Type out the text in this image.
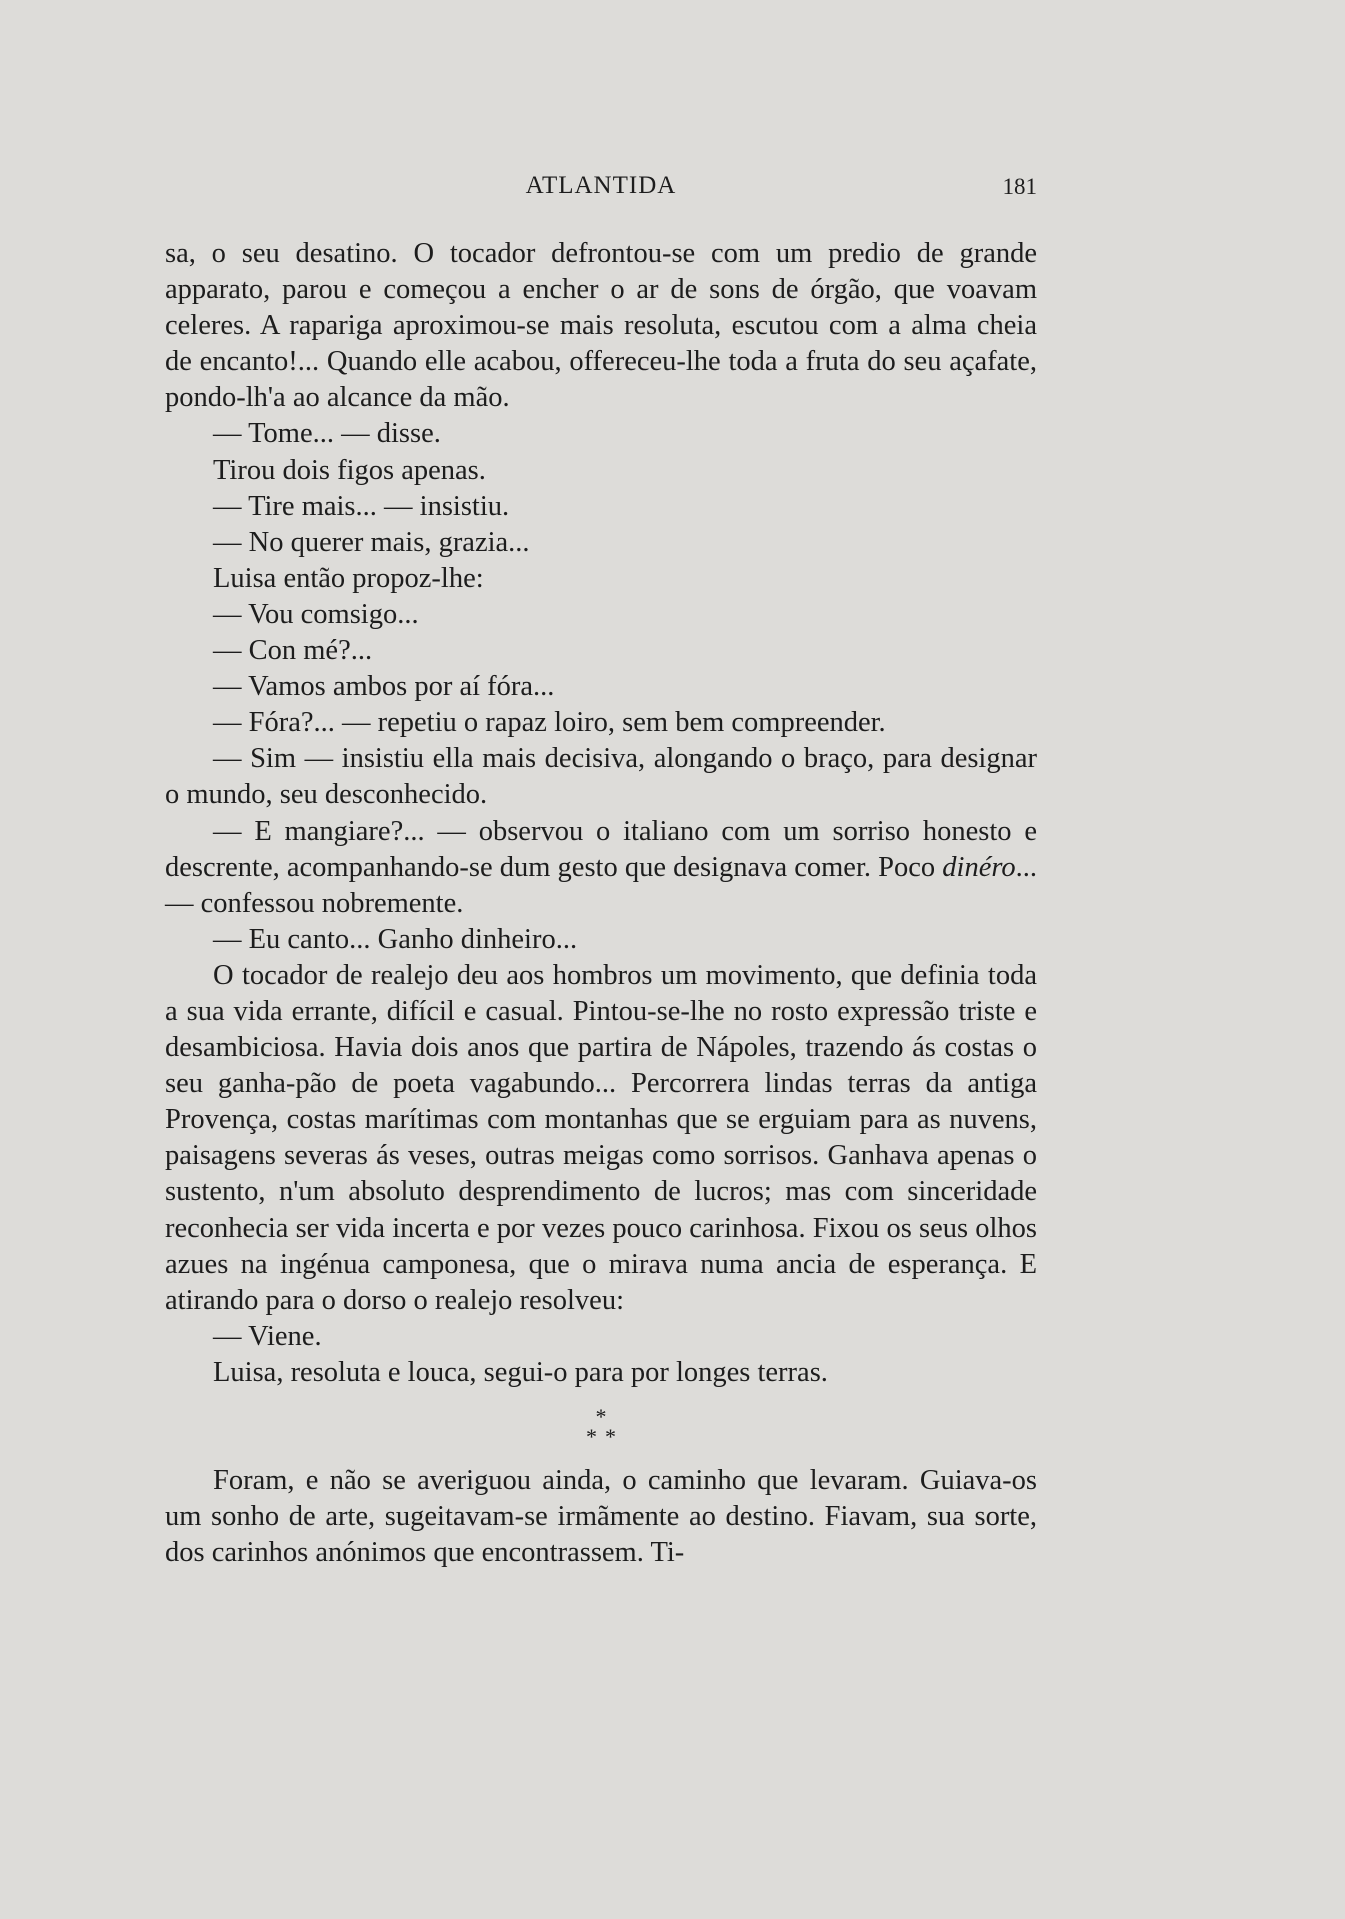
ATLANTIDA	181

sa, o seu desatino. O tocador defrontou-se com um predio de grande apparato, parou e começou a encher o ar de sons de órgão, que voavam celeres. A rapariga aproximou-se mais resoluta, escutou com a alma cheia de encanto!... Quando elle acabou, offereceu-lhe toda a fruta do seu açafate, pondo-lh'a ao alcance da mão.

— Tome... — disse.

Tirou dois figos apenas.

— Tire mais... — insistiu.

— No querer mais, grazia...

Luisa então propoz-lhe:

— Vou comsigo...

— Con mé?...

— Vamos ambos por aí fóra...

— Fóra?... — repetiu o rapaz loiro, sem bem compreender.

— Sim — insistiu ella mais decisiva, alongando o braço, para designar o mundo, seu desconhecido.

— E mangiare?... — observou o italiano com um sorriso honesto e descrente, acompanhando-se dum gesto que designava comer. Poco dinéro... — confessou nobremente.

— Eu canto... Ganho dinheiro...

O tocador de realejo deu aos hombros um movimento, que definia toda a sua vida errante, difícil e casual. Pintou-se-lhe no rosto expressão triste e desambiciosa. Havia dois anos que partira de Nápoles, trazendo ás costas o seu ganha-pão de poeta vagabundo... Percorrera lindas terras da antiga Provença, costas marítimas com montanhas que se erguiam para as nuvens, paisagens severas ás veses, outras meigas como sorrisos. Ganhava apenas o sustento, n'um absoluto desprendimento de lucros; mas com sinceridade reconhecia ser vida incerta e por vezes pouco carinhosa. Fixou os seus olhos azues na ingénua camponesa, que o mirava numa ancia de esperança. E atirando para o dorso o realejo resolveu:

— Viene.

Luisa, resoluta e louca, segui-o para por longes terras.

*
**

Foram, e não se averiguou ainda, o caminho que levaram. Guiava-os um sonho de arte, sugeitavam-se irmãmente ao destino. Fiavam, sua sorte, dos carinhos anónimos que encontrassem. Ti-
